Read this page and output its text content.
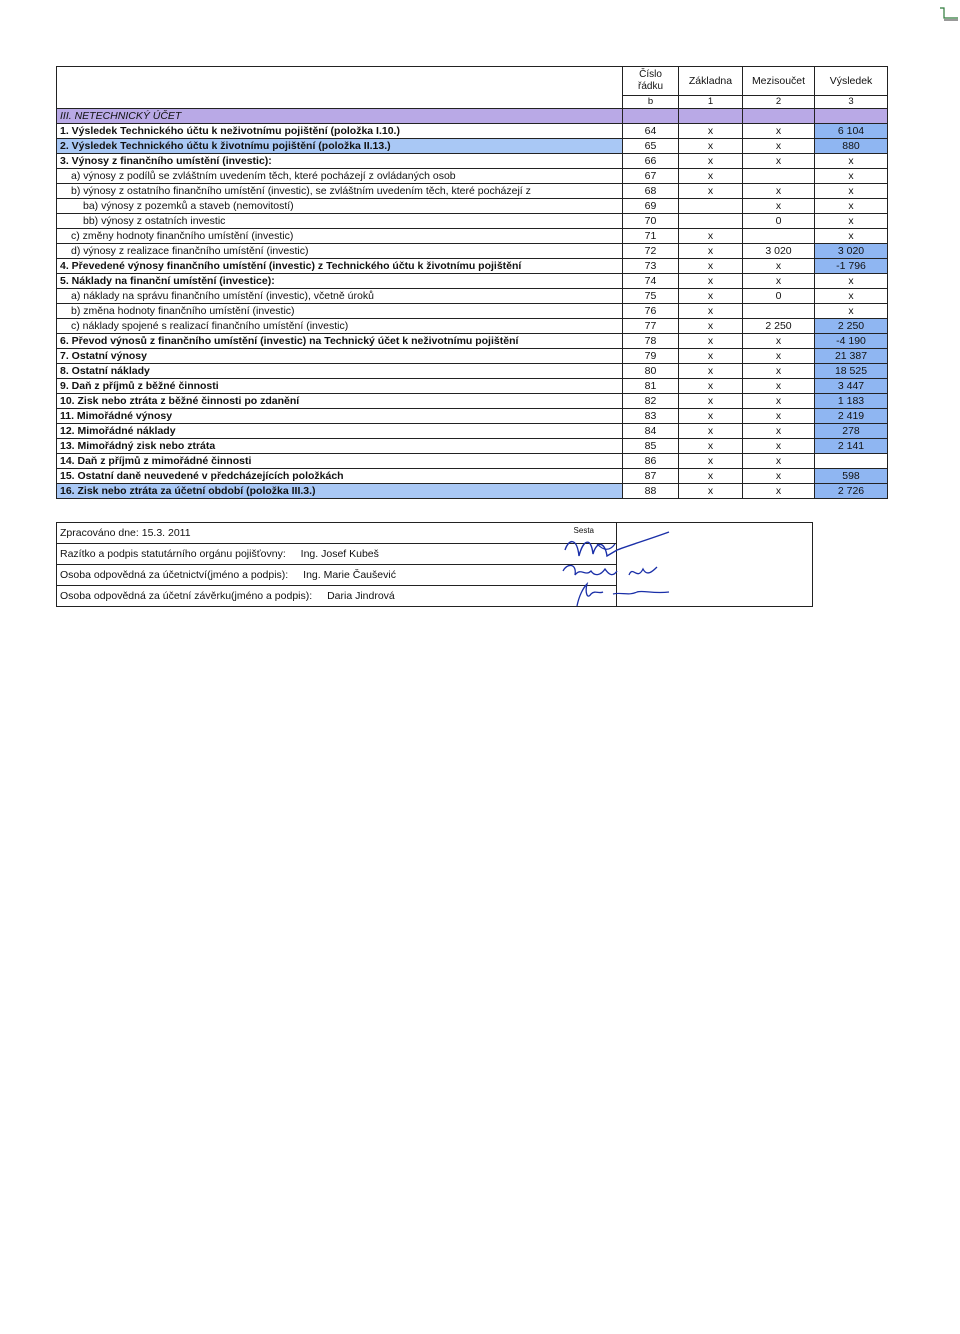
	Číslo řádku	Základna	Mezisoučet	Výsledek
	b	1	2	3
III. NETECHNICKÝ ÚČET				
1. Výsledek Technického účtu k neživotnímu pojištění (položka I.10.)	64	x	x	6 104
2. Výsledek Technického účtu k životnímu pojištění (položka II.13.)	65	x	x	880
3. Výnosy z finančního umístění (investic):	66	x	x	x
a) výnosy z podílů se zvláštním uvedením těch, které pocházejí z ovládaných osob	67	x		x
b) výnosy z ostatního finančního umístění (investic), se zvláštním uvedením těch, které pocházejí z	68	x	x	x
ba) výnosy z pozemků a staveb (nemovitostí)	69		x	x
bb) výnosy z ostatních investic	70		0	x
c) změny hodnoty finančního umístění (investic)	71	x		x
d) výnosy z realizace finančního umístění (investic)	72	x	3 020	3 020
4. Převedené výnosy finančního umístění (investic) z Technického účtu k životnímu pojištění	73	x	x	-1 796
5. Náklady na finanční umístění (investice):	74	x	x	x
a) náklady na správu finančního umístění (investic), včetně úroků	75	x	0	x
b) změna hodnoty finančního umístění (investic)	76	x		x
c) náklady spojené s realizací finančního umístění (investic)	77	x	2 250	2 250
6. Převod výnosů z finančního umístění (investic) na Technický účet k neživotnímu pojištění	78	x	x	-4 190
7. Ostatní výnosy	79	x	x	21 387
8. Ostatní náklady	80	x	x	18 525
9. Daň z příjmů z běžné činnosti	81	x	x	3 447
10. Zisk nebo ztráta z běžné činnosti po zdanění	82	x	x	1 183
11. Mimořádné výnosy	83	x	x	2 419
12. Mimořádné náklady	84	x	x	278
13. Mimořádný zisk nebo ztráta	85	x	x	2 141
14. Daň z příjmů z mimořádné činnosti	86	x	x	
15. Ostatní daně neuvedené v předcházejících položkách	87	x	x	598
16. Zisk nebo ztráta za účetní období (položka III.3.)	88	x	x	2 726
Zpracováno dne: 15.3. 2011	
Razítko a podpis statutárního orgánu pojišťovny: Ing. Josef Kubeš
Sesta

Osoba odpovědná za účetnictví(jméno a podpis): Ing. Marie Čaušević

Osoba odpovědná za účetní závěrku(jméno a podpis): Daria Jindrová
